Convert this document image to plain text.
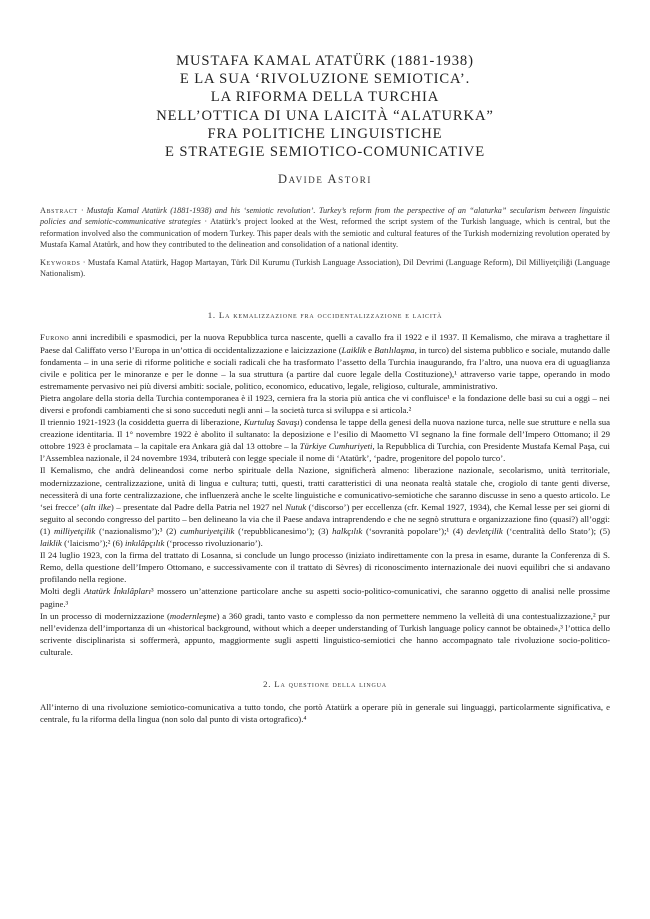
MUSTAFA KAMAL ATATÜRK (1881-1938)
E LA SUA ‘RIVOLUZIONE SEMIOTICA’.
LA RIFORMA DELLA TURCHIA
NELL’OTTICA DI UNA LAICITÀ “ALATURKA”
FRA POLITICHE LINGUISTICHE
E STRATEGIE SEMIOTICO-COMUNICATIVE
Davide Astori
Abstract · Mustafa Kamal Atatürk (1881-1938) and his ‘semiotic revolution’. Turkey’s reform from the perspective of an “alaturka” secularism between linguistic policies and semiotic-communicative strategies · Atatürk’s project looked at the West, reformed the script system of the Turkish language, which is central, but the reformation involved also the communication of modern Turkey. This paper deals with the semiotic and cultural features of the Turkish modernizing revolution operated by Mustafa Kamal Atatürk, and how they contributed to the delineation and consolidation of a national identity.
Keywords · Mustafa Kamal Atatürk, Hagop Martayan, Türk Dil Kurumu (Turkish Language Association), Dil Devrimi (Language Reform), Dil Milliyetçiliği (Language Nationalism).
1. La kemalizzazione fra occidentalizzazione e laicità

Furono anni incredibili e spasmodici, per la nuova Repubblica turca nascente, quelli a cavallo fra il 1922 e il 1937. Il Kemalismo, che mirava a traghettare il Paese dal Califfato verso l’Europa in un’ottica di occidentalizzazione e laicizzazione (Laiklik e Batılılaşma, in turco) del sistema pubblico e sociale, mutando dalle fondamenta – in una serie di riforme politiche e sociali radicali che ha trasformato l’assetto della Turchia inaugurando, fra l’altro, una nuova era di uguaglianza civile e politica per le minoranze e per le donne – la sua struttura (a partire dal cuore legale della Costituzione),¹ attraverso varie tappe, operando in modo estremamente pervasivo nei più diversi ambiti: sociale, politico, economico, educativo, legale, religioso, culturale, amministrativo.

Pietra angolare della storia della Turchia contemporanea è il 1923, cerniera fra la storia più antica che vi confluisce¹ e la fondazione delle basi su cui a oggi – nei diversi e profondi cambiamenti che si sono succeduti negli anni – la società turca si sviluppa e si articola.²

Il triennio 1921-1923 (la cosiddetta guerra di liberazione, Kurtuluş Savaşı) condensa le tappe della genesi della nuova nazione turca, nelle sue strutture e nella sua creazione identitaria. Il 1° novembre 1922 è abolito il sultanato: la deposizione e l’esilio di Maometto VI segnano la fine formale dell’Impero Ottomano; il 29 ottobre 1923 è proclamata – la capitale era Ankara già dal 13 ottobre – la Türkiye Cumhuriyeti, la Repubblica di Turchia, con Presidente Mustafa Kemal Paşa, cui l’Assemblea nazionale, il 24 novembre 1934, tributerà con legge speciale il nome di ‘Atatürk’, ‘padre, progenitore del popolo turco’.

Il Kemalismo, che andrà delineandosi come nerbo spirituale della Nazione, significherà almeno: liberazione nazionale, secolarismo, unità territoriale, modernizzazione, centralizzazione, unità di lingua e cultura; tutti, questi, tratti caratteristici di una neonata realtà statale che, crogiolo di tante genti diverse, necessiterà di una forte centralizzazione, che influenzerà anche le scelte linguistiche e comunicativo-semiotiche che saranno discusse in seno a questo articolo. Le ‘sei frecce’ (altı ilke) – presentate dal Padre della Patria nel 1927 nel Nutuk (‘discorso’) per eccellenza (cfr. Kemal 1927, 1934), che Kemal lesse per sei giorni di seguito al secondo congresso del partito – ben delineano la via che il Paese andava intraprendendo e che ne segnò struttura e organizzazione fino (quasi?) all’oggi: (1) milliyetçilik (‘nazionalismo’);³ (2) cumhuriyetçilik (‘repubblicanesimo’); (3) halkçılık (‘sovranità popolare’);¹ (4) devletçilik (‘centralità dello Stato’); (5) laiklik (‘laicismo’);² (6) inkılâpçılık (‘processo rivoluzionario’).

Il 24 luglio 1923, con la firma del trattato di Losanna, si conclude un lungo processo (iniziato indirettamente con la presa in esame, durante la Conferenza di S. Remo, della questione dell’Impero Ottomano, e successivamente con il trattato di Sèvres) di riconoscimento internazionale dei nuovi equilibri che si andavano profilando nella regione.

Molti degli Atatürk İnkılâpları³ mossero un’attenzione particolare anche su aspetti socio-politico-comunicativi, che saranno oggetto di analisi nelle prossime pagine.³

In un processo di modernizzazione (modernleşme) a 360 gradi, tanto vasto e complesso da non permettere nemmeno la velleità di una contestualizzazione,² pur nell’evidenza dell’importanza di un «historical background, without which a deeper understanding of Turkish language policy cannot be obtained»,³ l’ottica dello scrivente disciplinarista si soffermerà, appunto, maggiormente sugli aspetti linguistico-semiotici che hanno accompagnato tale rivoluzione socio-politico-culturale.

2. La questione della lingua

All’interno di una rivoluzione semiotico-comunicativa a tutto tondo, che portò Atatürk a operare più in generale sui linguaggi, particolarmente significativa, e centrale, fu la riforma della lingua (non solo dal punto di vista ortografico).⁴
